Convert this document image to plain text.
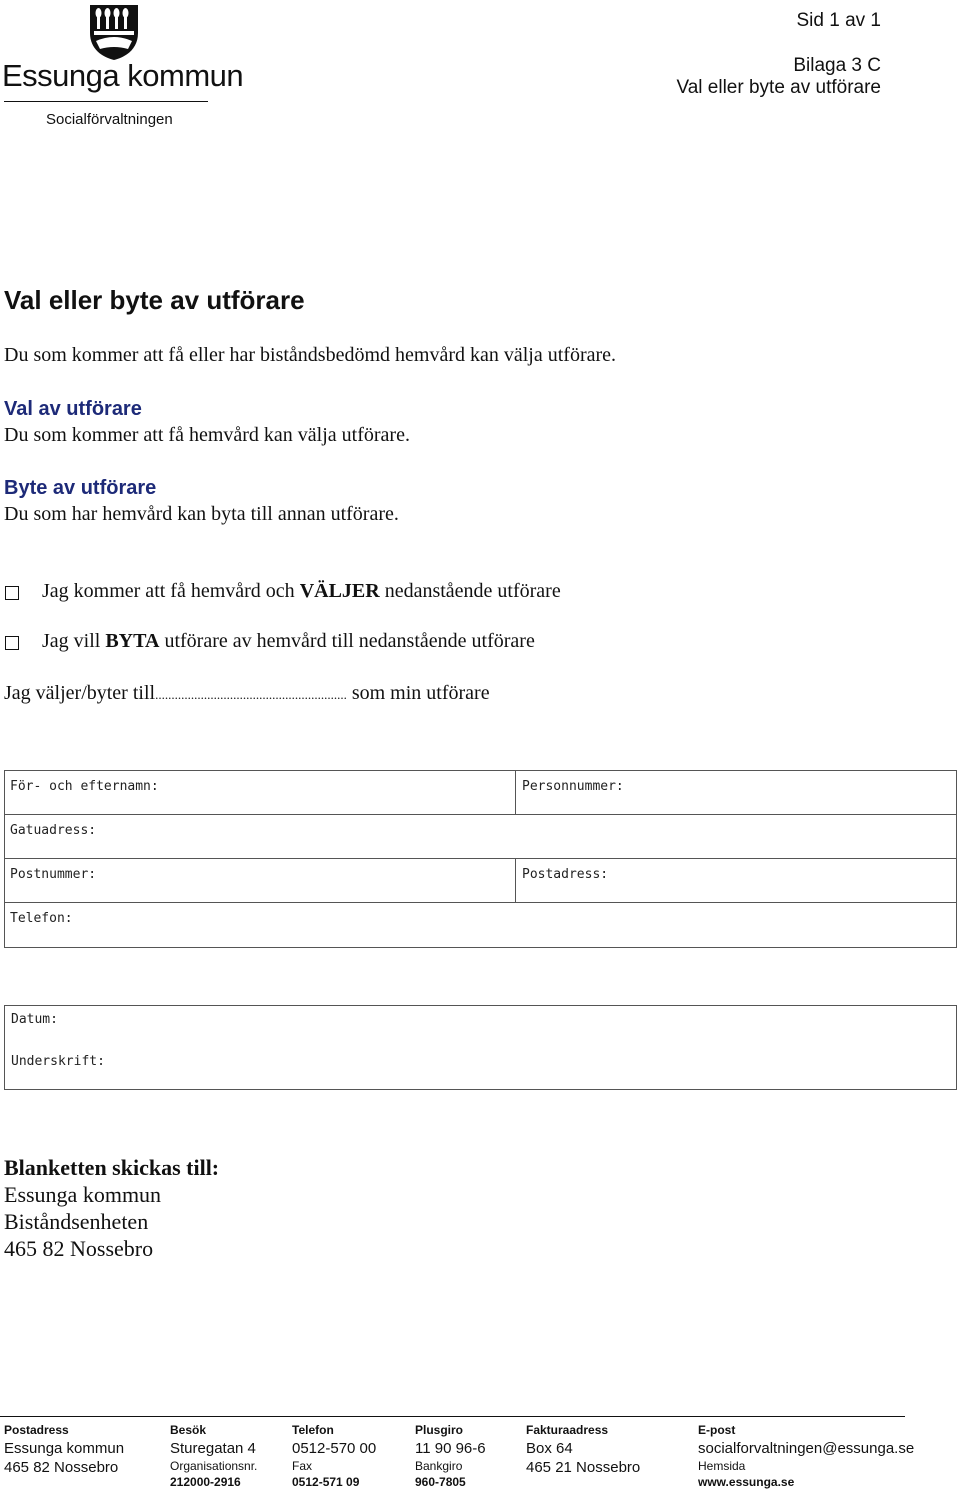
Essunga kommun
Socialförvaltningen
Sid 1 av 1
Bilaga 3 C
Val eller byte av utförare
Val eller byte av utförare
Du som kommer att få eller har biståndsbedömd hemvård kan välja utförare.
Val av utförare
Du som kommer att få hemvård kan välja utförare.
Byte av utförare
Du som har hemvård kan byta till annan utförare.
Jag kommer att få hemvård och VÄLJER nedanstående utförare
Jag vill BYTA utförare av hemvård till nedanstående utförare
Jag väljer/byter till........................................................... som min utförare
För- och efternamn:	Personnummer:
Gatuadress:
Postnummer:	Postadress:
Telefon:
Datum:
Underskrift:
Blanketten skickas till:
Essunga kommun
Biståndsenheten
465 82 Nossebro
Postadress
Essunga kommun
465 82 Nossebro
Besök
Sturegatan 4
Organisationsnr.
212000-2916
Telefon
0512-570 00
Fax
0512-571 09
Plusgiro
11 90 96-6
Bankgiro
960-7805
Fakturaadress
Box 64
465 21 Nossebro
E-post
socialforvaltningen@essunga.se
Hemsida
www.essunga.se
